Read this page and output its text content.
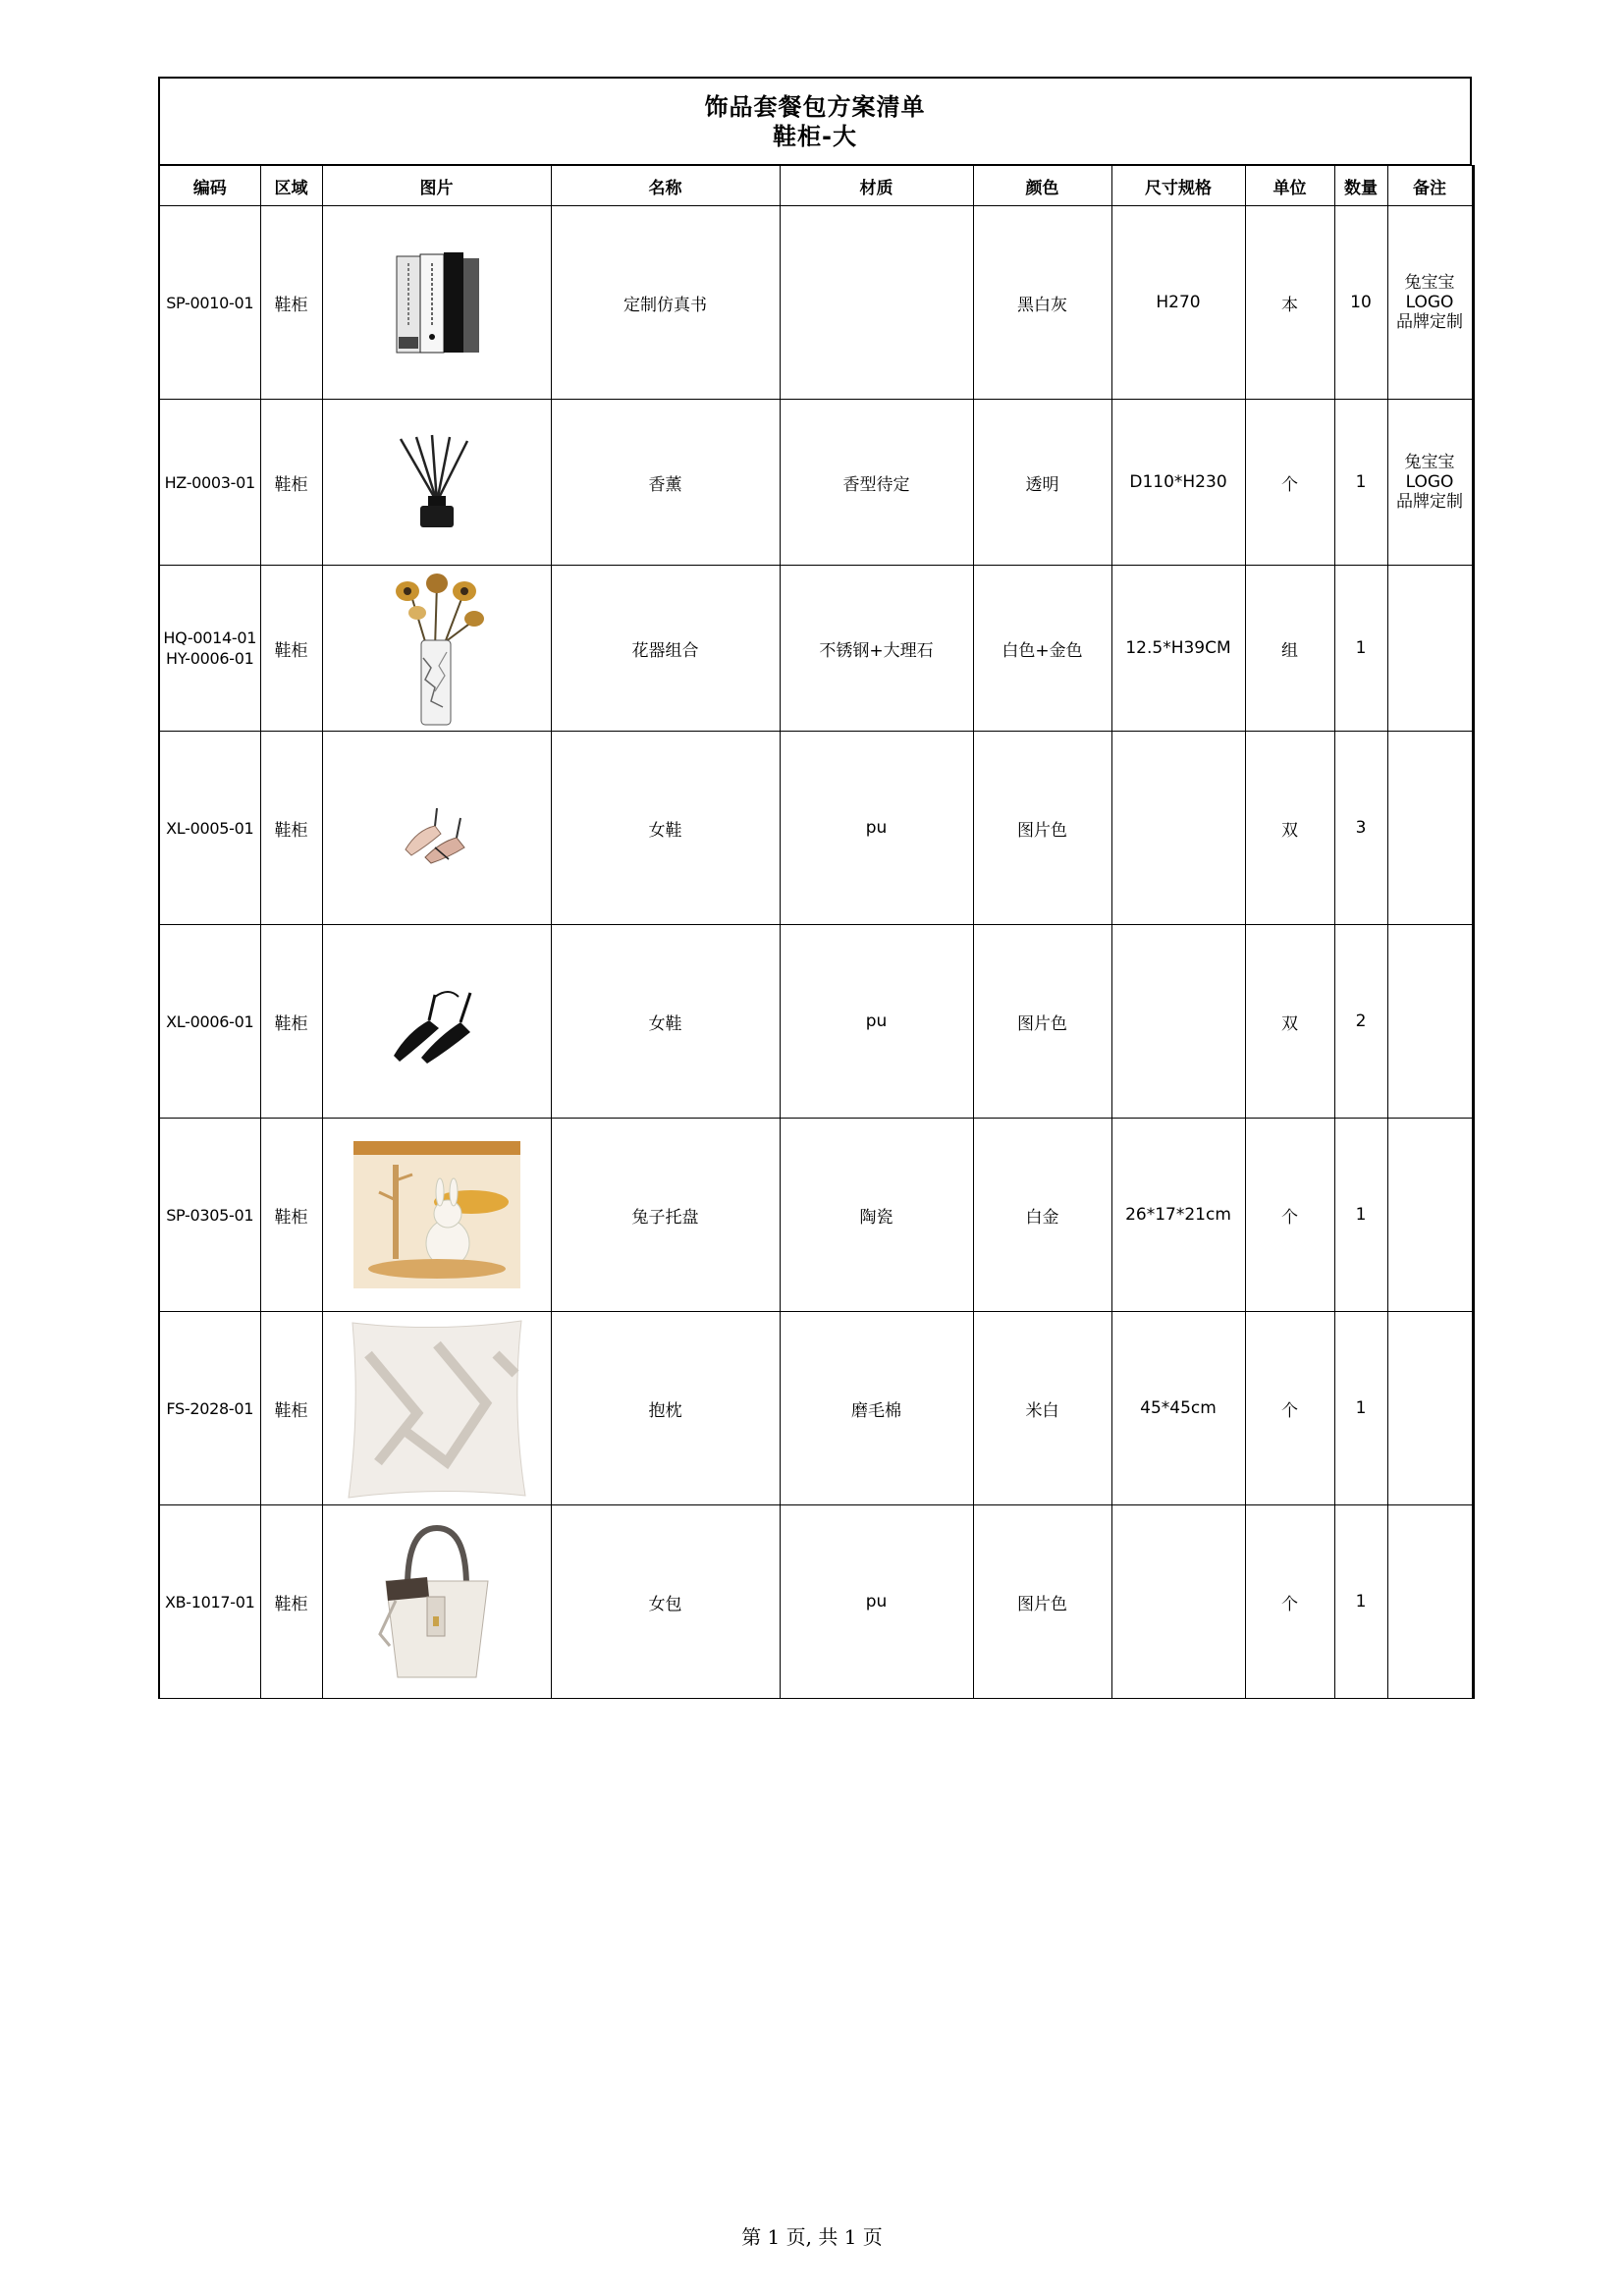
饰品套餐包方案清单
鞋柜-大
编码	区域	图片	名称	材质	颜色	尺寸规格	单位	数量	备注
SP-0010-01	鞋柜		定制仿真书		黑白灰	H270	本	10	兔宝宝
LOGO
品牌定制

HZ-0003-01	鞋柜		香薰	香型待定	透明	D110*H230	个	1	兔宝宝
LOGO
品牌定制

HQ-0014-01
HY-0006-01	鞋柜		花器组合	不锈钢+大理石	白色+金色	12.5*H39CM	组	1	
XL-0005-01	鞋柜		女鞋	pu	图片色		双	3	
XL-0006-01	鞋柜		女鞋	pu	图片色		双	2	
SP-0305-01	鞋柜		兔子托盘	陶瓷	白金	26*17*21cm	个	1	
FS-2028-01	鞋柜		抱枕	磨毛棉	米白	45*45cm	个	1	
XB-1017-01	鞋柜		女包	pu	图片色		个	1	
第 1 页, 共 1 页
